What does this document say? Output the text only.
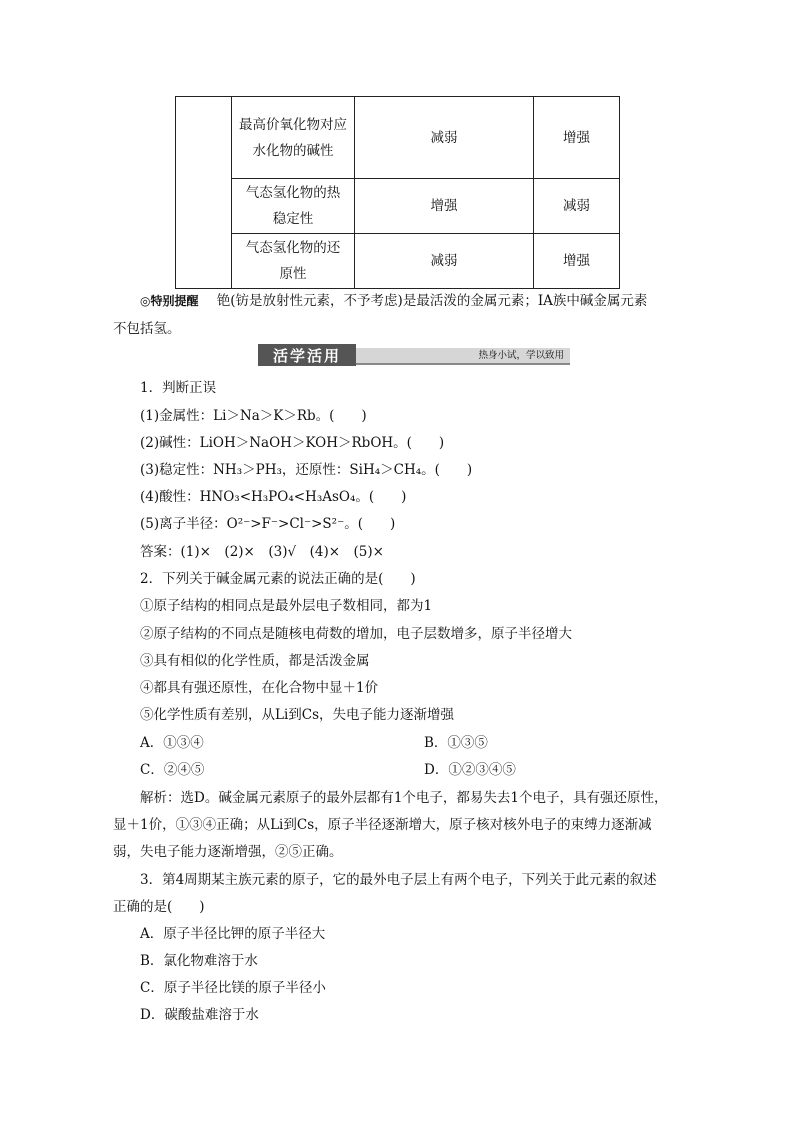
	最高价氧化物对应
水化物的碱性	减弱	增强
	气态氢化物的热
稳定性	增强	减弱
	气态氢化物的还
原性	减弱	增强
◎特别提醒 铯(钫是放射性元素，不予考虑)是最活泼的金属元素；ⅠA族中碱金属元素
不包括氢。
活学活用	热身小试，学以致用
1．判断正误
(1)金属性：Li＞Na＞K＞Rb。(　　)
(2)碱性：LiOH＞NaOH＞KOH＞RbOH。(　　)
(3)稳定性：NH₃＞PH₃，还原性：SiH₄＞CH₄。(　　)
(4)酸性：HNO₃<H₃PO₄<H₃AsO₄。(　　)
(5)离子半径：O²⁻>F⁻>Cl⁻>S²⁻。(　　)
答案：(1)×　(2)×　(3)√　(4)×　(5)×
2．下列关于碱金属元素的说法正确的是(　　)
①原子结构的相同点是最外层电子数相同，都为1
②原子结构的不同点是随核电荷数的增加，电子层数增多，原子半径增大
③具有相似的化学性质，都是活泼金属
④都具有强还原性，在化合物中显＋1价
⑤化学性质有差别，从Li到Cs，失电子能力逐渐增强
A．①③④	B．①③⑤
C．②④⑤	D．①②③④⑤
解析：选D。碱金属元素原子的最外层都有1个电子，都易失去1个电子，具有强还原性，
显＋1价，①③④正确；从Li到Cs，原子半径逐渐增大，原子核对核外电子的束缚力逐渐减
弱，失电子能力逐渐增强，②⑤正确。
3．第4周期某主族元素的原子，它的最外电子层上有两个电子，下列关于此元素的叙述
正确的是(　　)
A．原子半径比钾的原子半径大
B．氯化物难溶于水
C．原子半径比镁的原子半径小
D．碳酸盐难溶于水
